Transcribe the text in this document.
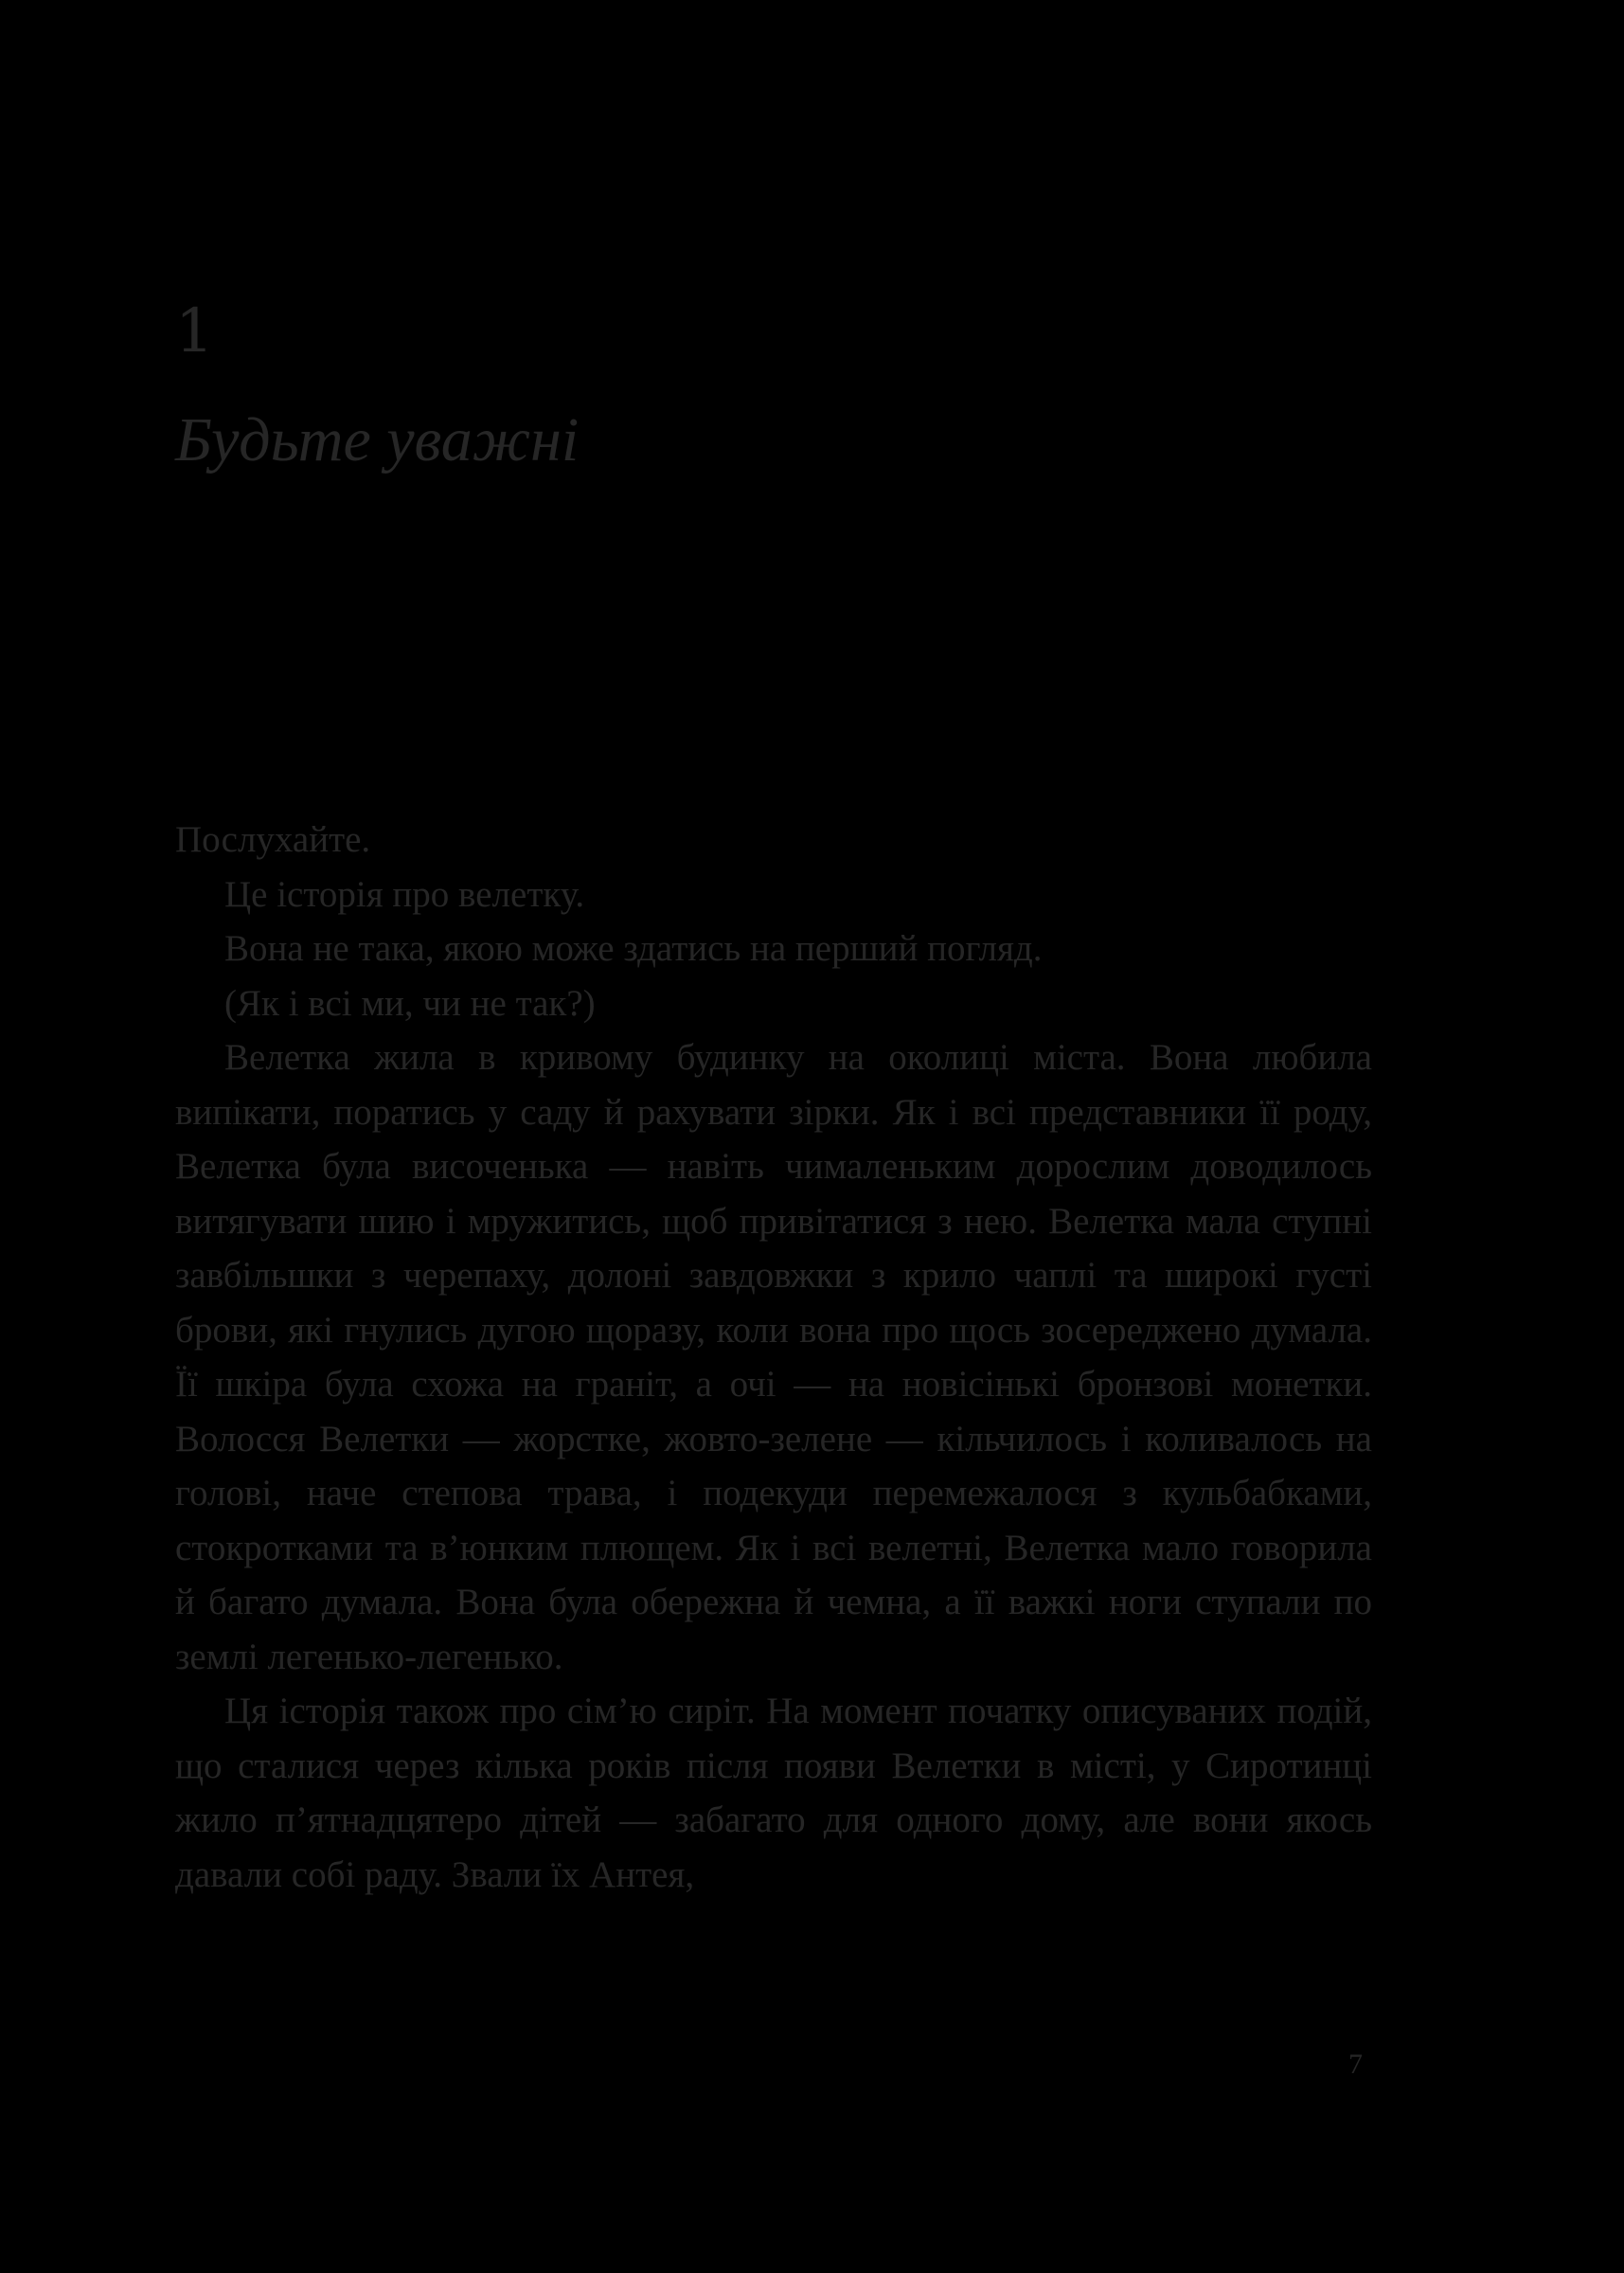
1
Будьте уважні

Послухайте.

Це історія про велетку.

Вона не така, якою може здатись на перший погляд.

(Як і всі ми, чи не так?)

Велетка жила в кривому будинку на околиці міста. Вона любила випікати, поратись у саду й рахувати зірки. Як і всі представники її роду, Велетка була височенька — навіть чималеньким дорослим доводилось витягувати шию і мружитись, щоб привітатися з нею. Велетка мала ступні завбільшки з черепаху, долоні завдовжки з крило чаплі та широкі густі брови, які гнулись дугою щоразу, коли вона про щось зосереджено думала. Її шкіра була схожа на граніт, а очі — на новісінькі бронзові монетки. Волосся Велетки — жорстке, жовто-зелене — кільчилось і коливалось на голові, наче степова трава, і подекуди перемежалося з кульбабками, стокротками та в’юнким плющем. Як і всі велетні, Велетка мало говорила й багато думала. Вона була обережна й чемна, а її важкі ноги ступали по землі легенько-легенько.

Ця історія також про сім’ю сиріт. На момент початку описуваних подій, що сталися через кілька років після появи Велетки в місті, у Сиротинці жило п’ятнадцятеро дітей — забагато для одного дому, але вони якось давали собі раду. Звали їх Антея,

7
